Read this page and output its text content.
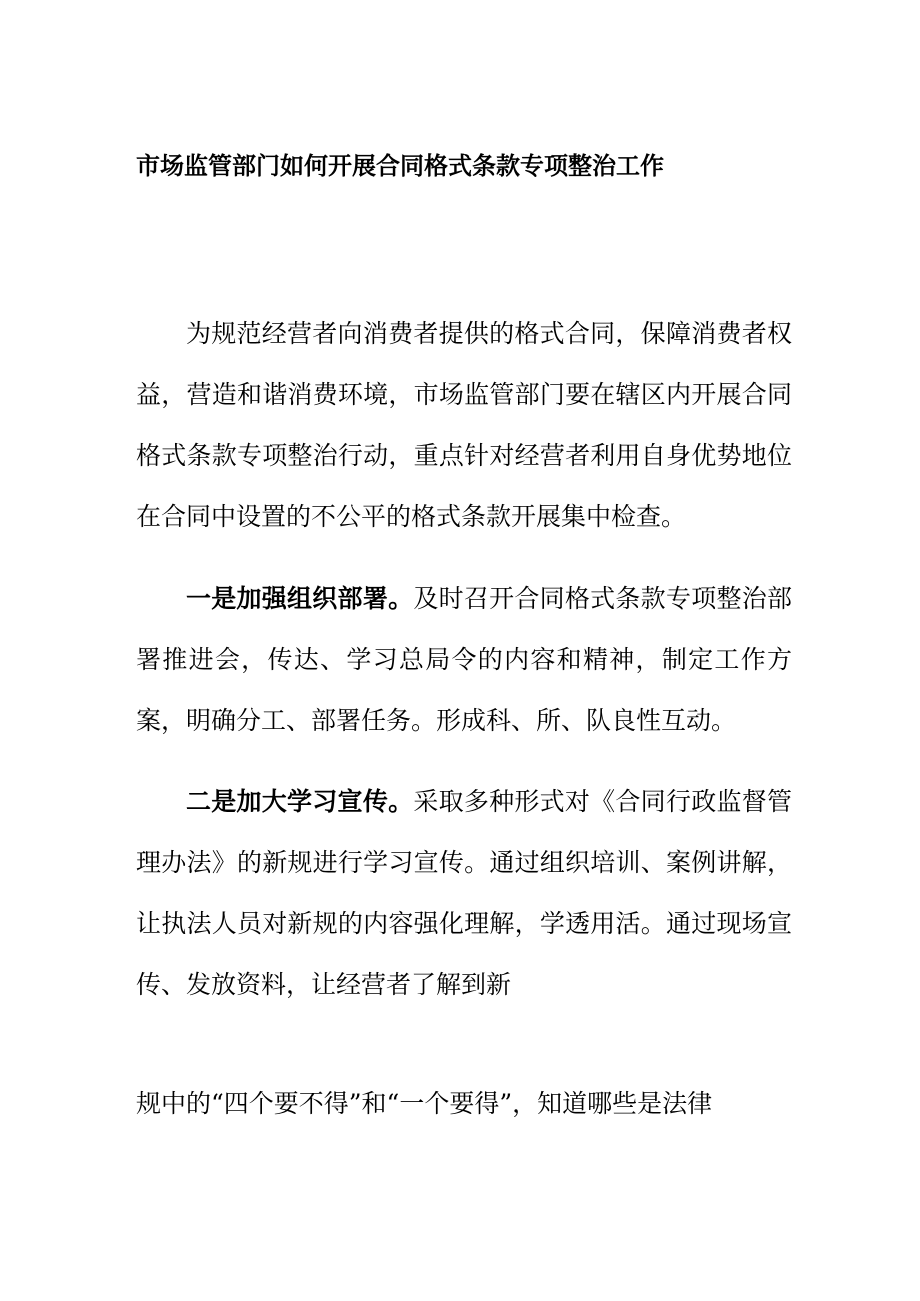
市场监管部门如何开展合同格式条款专项整治工作

为规范经营者向消费者提供的格式合同，保障消费者权益，营造和谐消费环境，市场监管部门要在辖区内开展合同格式条款专项整治行动，重点针对经营者利用自身优势地位在合同中设置的不公平的格式条款开展集中检查。

一是加强组织部署。及时召开合同格式条款专项整治部署推进会，传达、学习总局令的内容和精神，制定工作方案，明确分工、部署任务。形成科、所、队良性互动。

二是加大学习宣传。采取多种形式对《合同行政监督管理办法》的新规进行学习宣传。通过组织培训、案例讲解，让执法人员对新规的内容强化理解，学透用活。通过现场宣传、发放资料，让经营者了解到新

规中的“四个要不得”和“一个要得”，知道哪些是法律
